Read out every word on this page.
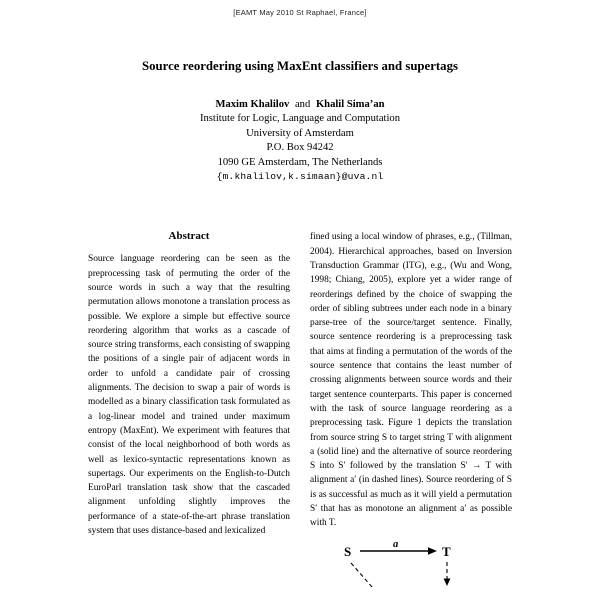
[EAMT May 2010 St Raphael, France]
Source reordering using MaxEnt classifiers and supertags
Maxim Khalilov and Khalil Sima’an
Institute for Logic, Language and Computation
University of Amsterdam
P.O. Box 94242
1090 GE Amsterdam, The Netherlands
{m.khalilov,k.simaan}@uva.nl
Abstract

Source language reordering can be seen as the preprocessing task of permuting the order of the source words in such a way that the resulting permutation allows monotone a translation process as possible. We explore a simple but effective source reordering algorithm that works as a cascade of source string transforms, each consisting of swapping the positions of a single pair of adjacent words in order to unfold a candidate pair of crossing alignments. The decision to swap a pair of words is modelled as a binary classification task formulated as a log-linear model and trained under maximum entropy (MaxEnt). We experiment with features that consist of the local neighborhood of both words as well as lexico-syntactic representations known as supertags. Our experiments on the English-to-Dutch EuroParl translation task show that the cascaded alignment unfolding slightly improves the performance of a state-of-the-art phrase translation system that uses distance-based and lexicalized

fined using a local window of phrases, e.g., (Tillman, 2004). Hierarchical approaches, based on Inversion Transduction Grammar (ITG), e.g., (Wu and Wong, 1998; Chiang, 2005), explore yet a wider range of reorderings defined by the choice of swapping the order of sibling subtrees under each node in a binary parse-tree of the source/target sentence. Finally, source sentence reordering is a preprocessing task that aims at finding a permutation of the words of the source sentence that contains the least number of crossing alignments between source words and their target sentence counterparts. This paper is concerned with the task of source language reordering as a preprocessing task. Figure 1 depicts the translation from source string S to target string T with alignment a (solid line) and the alternative of source reordering S into S′ followed by the translation S′ → T with alignment a′ (in dashed lines). Source reordering of S is as successful as much as it will yield a permutation S′ that has as monotone an alignment a′ as possible with T.

S	T
a
